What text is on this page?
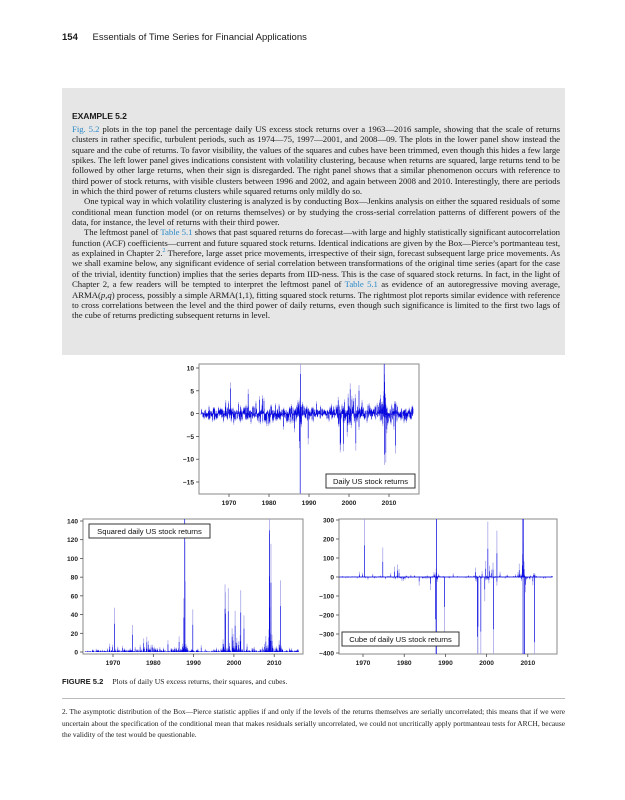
154 Essentials of Time Series for Financial Applications
EXAMPLE 5.2

Fig. 5.2 plots in the top panel the percentage daily US excess stock returns over a 1963—2016 sample, showing that the scale of returns clusters in rather specific, turbulent periods, such as 1974—75, 1997—2001, and 2008—09. The plots in the lower panel show instead the square and the cube of returns. To favor visibility, the values of the squares and cubes have been trimmed, even though this hides a few large spikes. The left lower panel gives indications consistent with volatility clustering, because when returns are squared, large returns tend to be followed by other large returns, when their sign is disregarded. The right panel shows that a similar phenomenon occurs with reference to third power of stock returns, with visible clusters between 1996 and 2002, and again between 2008 and 2010. Interestingly, there are periods in which the third power of returns clusters while squared returns only mildly do so.

One typical way in which volatility clustering is analyzed is by conducting Box—Jenkins analysis on either the squared residuals of some conditional mean function model (or on returns themselves) or by studying the cross-serial correlation patterns of different powers of the data, for instance, the level of returns with their third power.

The leftmost panel of Table 5.1 shows that past squared returns do forecast—with large and highly statistically significant autocorrelation function (ACF) coefficients—current and future squared stock returns. Identical indications are given by the Box—Pierce’s portmanteau test, as explained in Chapter 2.$^2$ Therefore, large asset price movements, irrespective of their sign, forecast subsequent large price movements. As we shall examine below, any significant evidence of serial correlation between transformations of the original time series (apart for the case of the trivial, identity function) implies that the series departs from IID-ness. This is the case of squared stock returns. In fact, in the light of Chapter 2, a few readers will be tempted to interpret the leftmost panel of Table 5.1 as evidence of an autoregressive moving average, ARMA(p,q) process, possibly a simple ARMA(1,1), fitting squared stock returns. The rightmost plot reports similar evidence with reference to cross correlations between the level and the third power of daily returns, even though such significance is limited to the first two lags of the cube of returns predicting subsequent returns in level.

10
5
0
−5
−10
−15
1970	1980	1990	2000	2010
Daily US stock returns
140
120
100
80
60
40
20
0
1970	1980	1990	2000	2010
Squared daily US stock returns
300
200
100
0
−100
−200
−300
−400
1970	1980	1990	2000	2010
Cube of daily US stock returns
FIGURE 5.2 Plots of daily US excess returns, their squares, and cubes.
2. The asymptotic distribution of the Box—Pierce statistic applies if and only if the levels of the returns themselves are serially uncorrelated; this means that if we were uncertain about the specification of the conditional mean that makes residuals serially uncorrelated, we could not uncritically apply portmanteau tests for ARCH, because the validity of the test would be questionable.
